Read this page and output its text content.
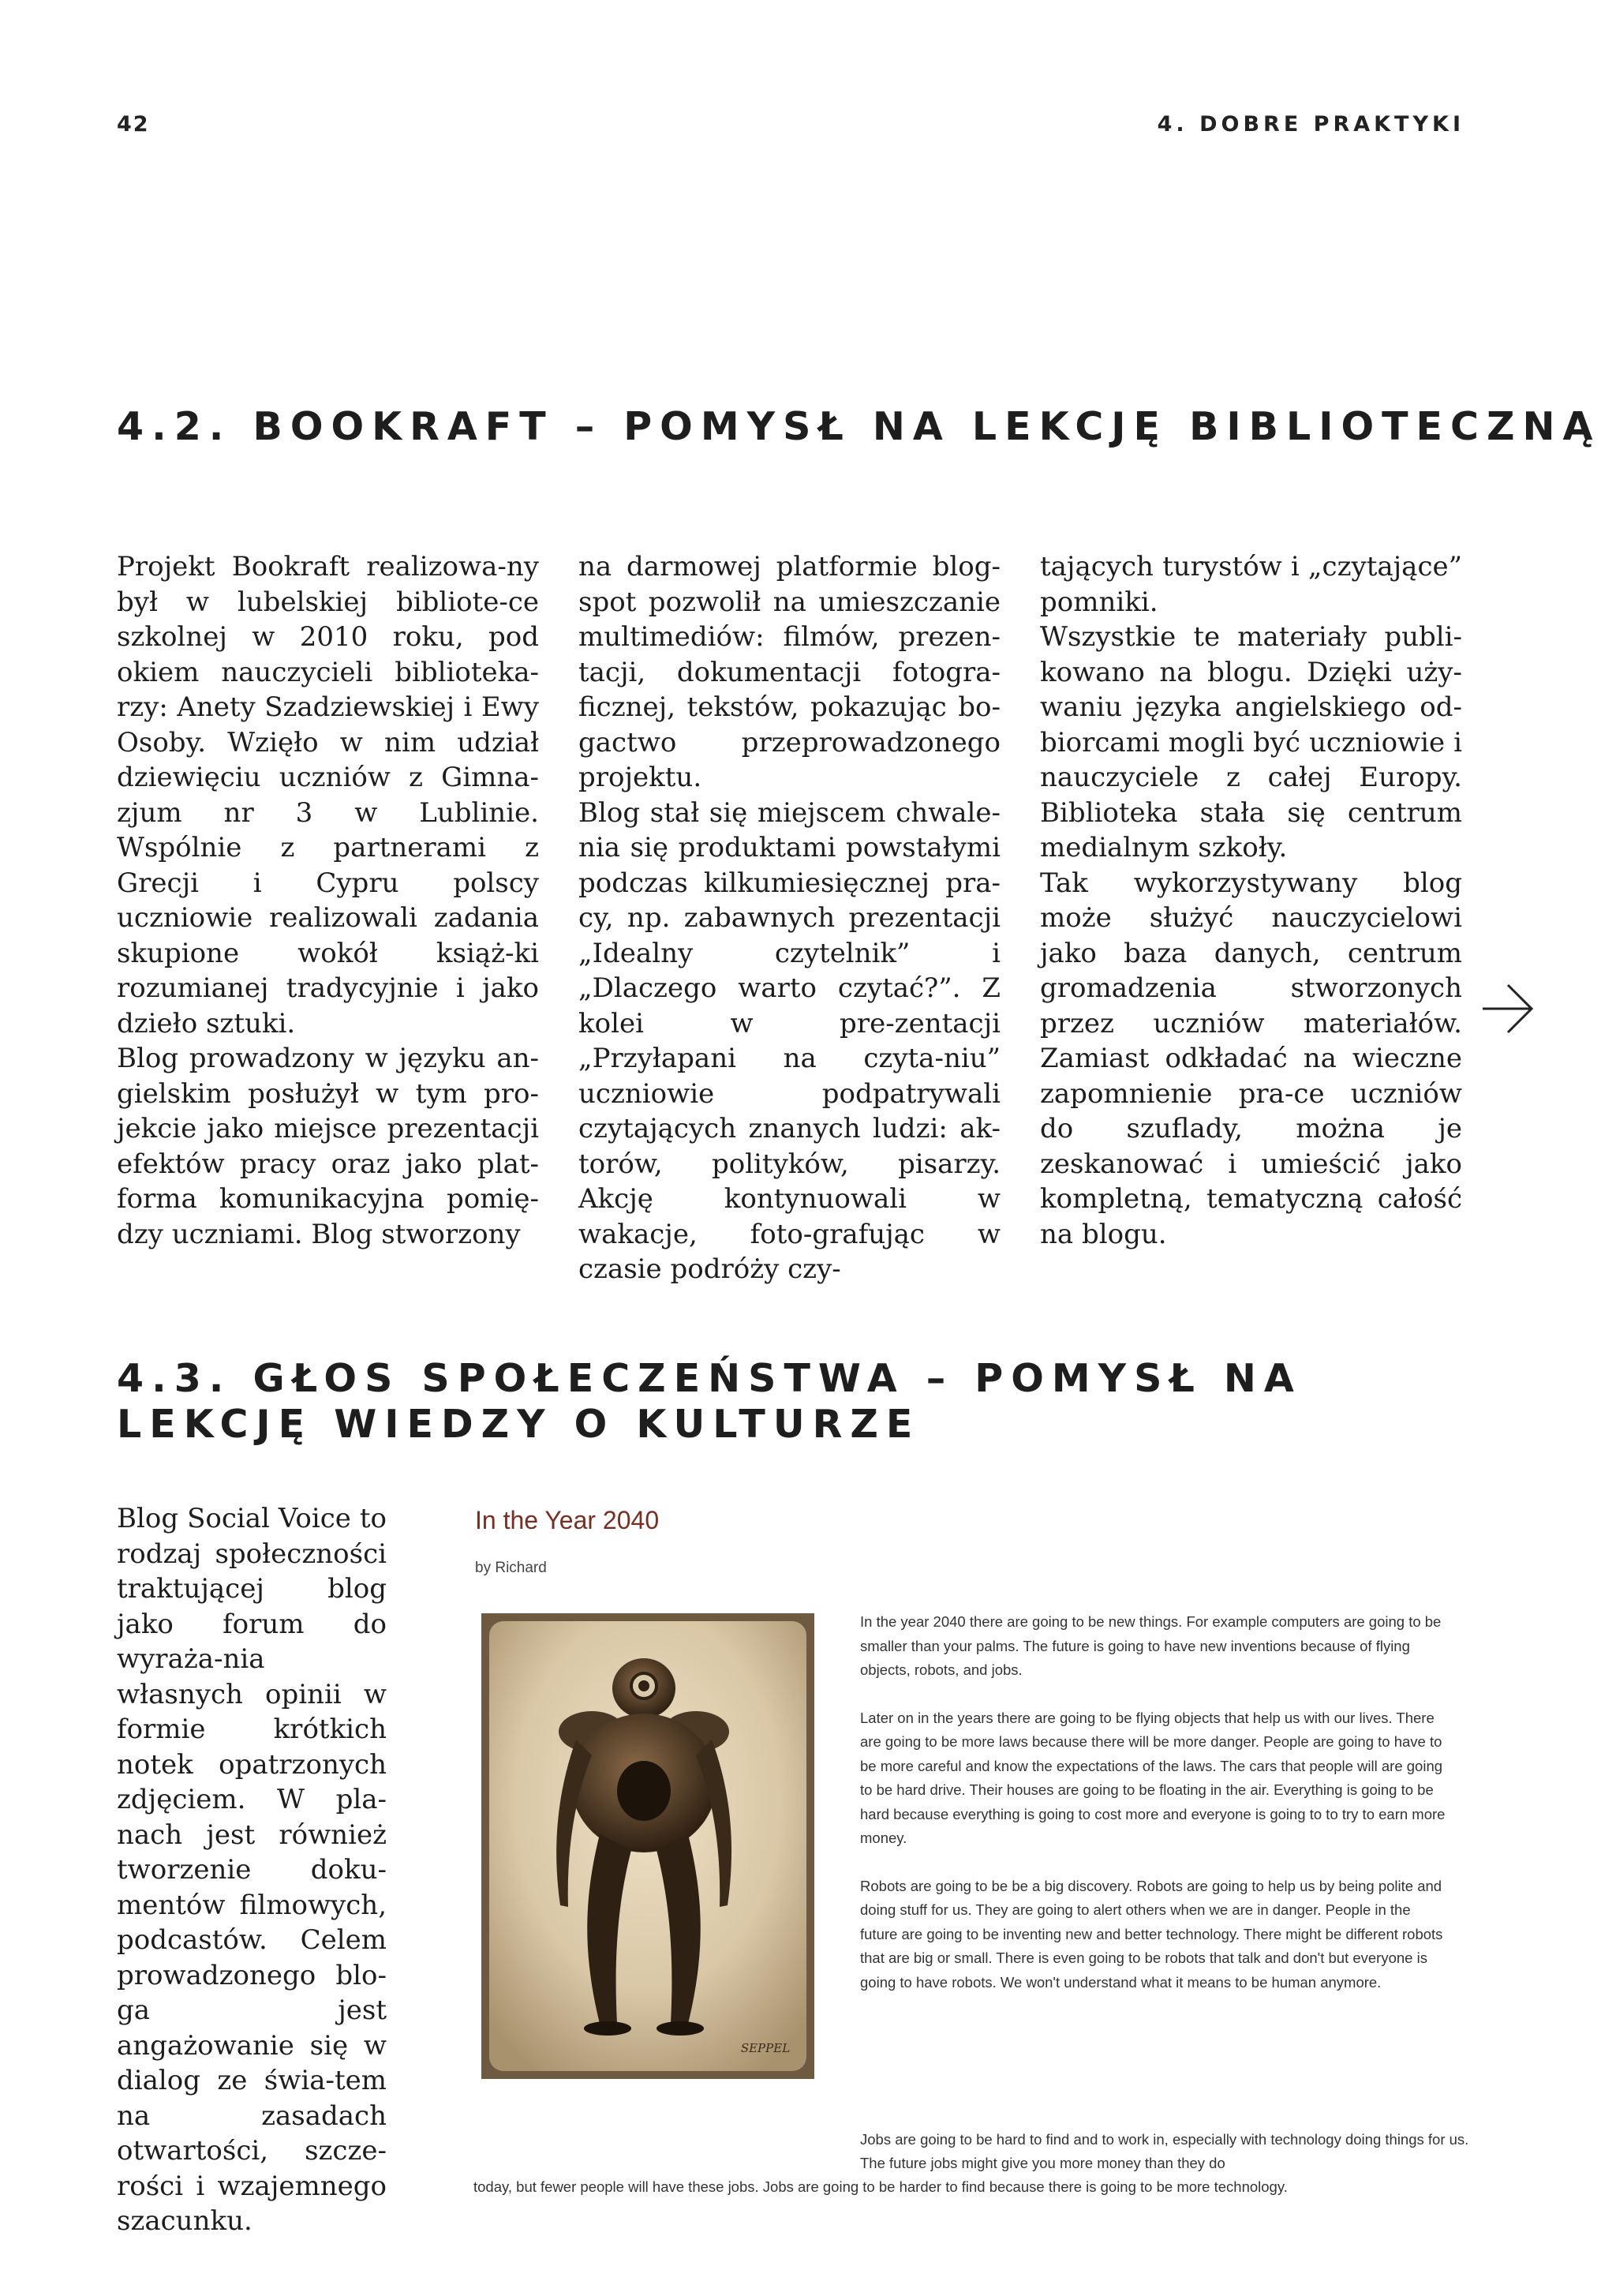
42	4. DOBRE PRAKTYKI
4.2. BOOKRAFT – POMYSŁ NA LEKCJĘ BIBLIOTECZNĄ

Projekt Bookraft realizowa-ny był w lubelskiej bibliote-ce szkolnej w 2010 roku, pod okiem nauczycieli biblioteka-rzy: Anety Szadziewskiej i Ewy Osoby. Wzięło w nim udział dziewięciu uczniów z Gimna-zjum nr 3 w Lublinie. Wspólnie z partnerami z Grecji i Cypru polscy uczniowie realizowali zadania skupione wokół książ-ki rozumianej tradycyjnie i jako dzieło sztuki.

Blog prowadzony w języku an-gielskim posłużył w tym pro-jekcie jako miejsce prezentacji efektów pracy oraz jako plat-forma komunikacyjna pomię-dzy uczniami. Blog stworzony

na darmowej platformie blog-spot pozwolił na umieszczanie multimediów: filmów, prezen-tacji, dokumentacji fotogra-ficznej, tekstów, pokazując bo-gactwo przeprowadzonego projektu.

Blog stał się miejscem chwale-nia się produktami powstałymi podczas kilkumiesięcznej pra-cy, np. zabawnych prezentacji „Idealny czytelnik” i „Dlaczego warto czytać?”. Z kolei w pre-zentacji „Przyłapani na czyta-niu” uczniowie podpatrywali czytających znanych ludzi: ak-torów, polityków, pisarzy. Akcję kontynuowali w wakacje, foto-grafując w czasie podróży czy-

tających turystów i „czytające” pomniki.

Wszystkie te materiały publi-kowano na blogu. Dzięki uży-waniu języka angielskiego od-biorcami mogli być uczniowie i nauczyciele z całej Europy. Biblioteka stała się centrum medialnym szkoły.

Tak wykorzystywany blog może służyć nauczycielowi jako baza danych, centrum gromadzenia stworzonych przez uczniów materiałów. Zamiast odkładać na wieczne zapomnienie pra-ce uczniów do szuflady, można je zeskanować i umieścić jako kompletną, tematyczną całość na blogu.

4.3. GŁOS SPOŁECZEŃSTWA – POMYSŁ NA LEKCJĘ WIEDZY O KULTURZE

Blog Social Voice to rodzaj społeczności traktującej blog jako forum do wyraża-nia własnych opinii w formie krótkich notek opatrzonych zdjęciem. W pla-nach jest również tworzenie doku-mentów filmowych, podcastów. Celem prowadzonego blo-ga jest angażowanie się w dialog ze świa-tem na zasadach otwartości, szcze-rości i wzajemnego szacunku.

In the Year 2040
by Richard
SEPPEL

In the year 2040 there are going to be new things. For example computers are going to be smaller than your palms. The future is going to have new inventions because of flying objects, robots, and jobs.

Later on in the years there are going to be flying objects that help us with our lives. There are going to be more laws because there will be more danger. People are going to have to be more careful and know the expectations of the laws. The cars that people will are going to be hard drive. Their houses are going to be floating in the air. Everything is going to be hard because everything is going to cost more and everyone is going to to try to earn more money.

Robots are going to be be a big discovery. Robots are going to help us by being polite and doing stuff for us. They are going to alert others when we are in danger. People in the future are going to be inventing new and better technology. There might be different robots that are big or small. There is even going to be robots that talk and don't but everyone is going to have robots. We won't understand what it means to be human anymore.

Jobs are going to be hard to find and to work in, especially with technology doing things for us. The future jobs might give you more money than they do
today, but fewer people will have these jobs. Jobs are going to be harder to find because there is going to be more technology.
